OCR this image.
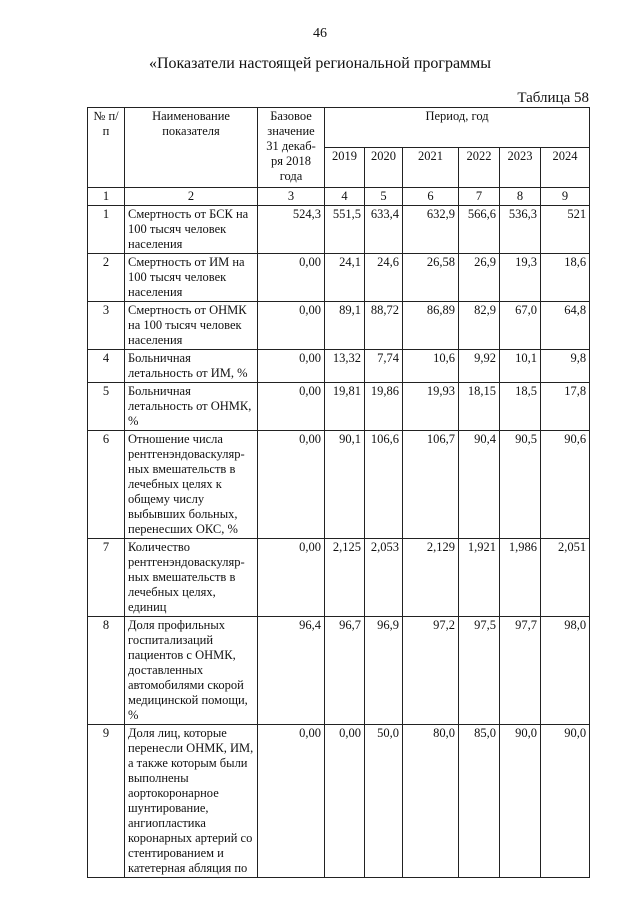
46
«Показатели настоящей региональной программы
Таблица 58
№ п/п	Наименование показателя	Базовое значение 31 декаб-ря 2018 года	Период, год					
			2019	2020	2021	2022	2023	2024
1	2	3	4	5	6	7	8	9
1	Смертность от БСК на 100 тысяч человек населения	524,3	551,5	633,4	632,9	566,6	536,3	521
2	Смертность от ИМ на 100 тысяч человек населения	0,00	24,1	24,6	26,58	26,9	19,3	18,6
3	Смертность от ОНМК на 100 тысяч человек населения	0,00	89,1	88,72	86,89	82,9	67,0	64,8
4	Больничная летальность от ИМ, %	0,00	13,32	7,74	10,6	9,92	10,1	9,8
5	Больничная летальность от ОНМК, %	0,00	19,81	19,86	19,93	18,15	18,5	17,8
6	Отношение числа рентгенэндоваскуляр-ных вмешательств в лечебных целях к общему числу выбывших больных, перенесших ОКС, %	0,00	90,1	106,6	106,7	90,4	90,5	90,6
7	Количество рентгенэндоваскуляр-ных вмешательств в лечебных целях, единиц	0,00	2,125	2,053	2,129	1,921	1,986	2,051
8	Доля профильных госпитализаций пациентов с ОНМК, доставленных автомобилями скорой медицинской помощи, %	96,4	96,7	96,9	97,2	97,5	97,7	98,0
9	Доля лиц, которые перенесли ОНМК, ИМ, а также которым были выполнены аортокоронарное шунтирование, ангиопластика коронарных артерий со стентированием и катетерная абляция по	0,00	0,00	50,0	80,0	85,0	90,0	90,0
